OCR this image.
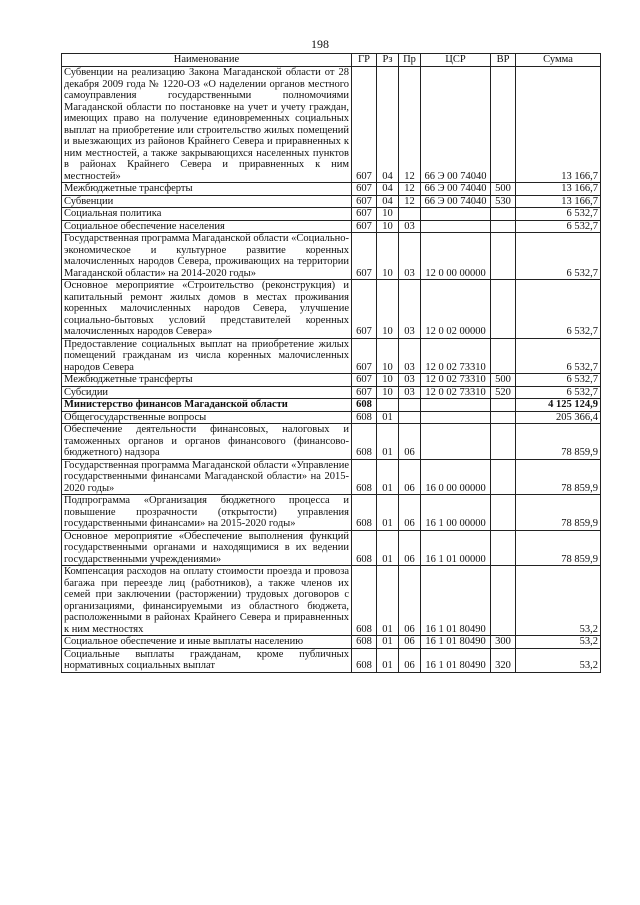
198
Наименование	ГР	Рз	Пр	ЦСР	ВР	Сумма
Субвенции на реализацию Закона Магаданской области от 28 декабря 2009 года № 1220-ОЗ «О наделении органов местного самоуправления государственными полномочиями Магаданской области по постановке на учет и учету граждан, имеющих право на получение единовременных социальных выплат на приобретение или строительство жилых помещений и выезжающих из районов Крайнего Севера и приравненных к ним местностей, а также закрывающихся населенных пунктов в районах Крайнего Севера и приравненных к ним местностей»	607	04	12	66 Э 00 74040		13 166,7
Межбюджетные трансферты	607	04	12	66 Э 00 74040	500	13 166,7
Субвенции	607	04	12	66 Э 00 74040	530	13 166,7
Социальная политика	607	10				6 532,7
Социальное обеспечение населения	607	10	03			6 532,7
Государственная программа Магаданской области «Социально-экономическое и культурное развитие коренных малочисленных народов Севера, проживающих на территории Магаданской области» на 2014-2020 годы»	607	10	03	12 0 00 00000		6 532,7
Основное мероприятие «Строительство (реконструкция) и капитальный ремонт жилых домов в местах проживания коренных малочисленных народов Севера, улучшение социально-бытовых условий представителей коренных малочисленных народов Севера»	607	10	03	12 0 02 00000		6 532,7
Предоставление социальных выплат на приобретение жилых помещений гражданам из числа коренных малочисленных народов Севера	607	10	03	12 0 02 73310		6 532,7
Межбюджетные трансферты	607	10	03	12 0 02 73310	500	6 532,7
Субсидии	607	10	03	12 0 02 73310	520	6 532,7
Министерство финансов Магаданской области	608					4 125 124,9
Общегосударственные вопросы	608	01				205 366,4
Обеспечение деятельности финансовых, налоговых и таможенных органов и органов финансового (финансово-бюджетного) надзора	608	01	06			78 859,9
Государственная программа Магаданской области «Управление государственными финансами Магаданской области» на 2015-2020 годы»	608	01	06	16 0 00 00000		78 859,9
Подпрограмма «Организация бюджетного процесса и повышение прозрачности (открытости) управления государственными финансами» на 2015-2020 годы»	608	01	06	16 1 00 00000		78 859,9
Основное мероприятие «Обеспечение выполнения функций государственными органами и находящимися в их ведении государственными учреждениями»	608	01	06	16 1 01 00000		78 859,9
Компенсация расходов на оплату стоимости проезда и провоза багажа при переезде лиц (работников), а также членов их семей при заключении (расторжении) трудовых договоров с организациями, финансируемыми из областного бюджета, расположенными в районах Крайнего Севера и приравненных к ним местностях	608	01	06	16 1 01 80490		53,2
Социальное обеспечение и иные выплаты населению	608	01	06	16 1 01 80490	300	53,2
Социальные выплаты гражданам, кроме публичных нормативных социальных выплат	608	01	06	16 1 01 80490	320	53,2
